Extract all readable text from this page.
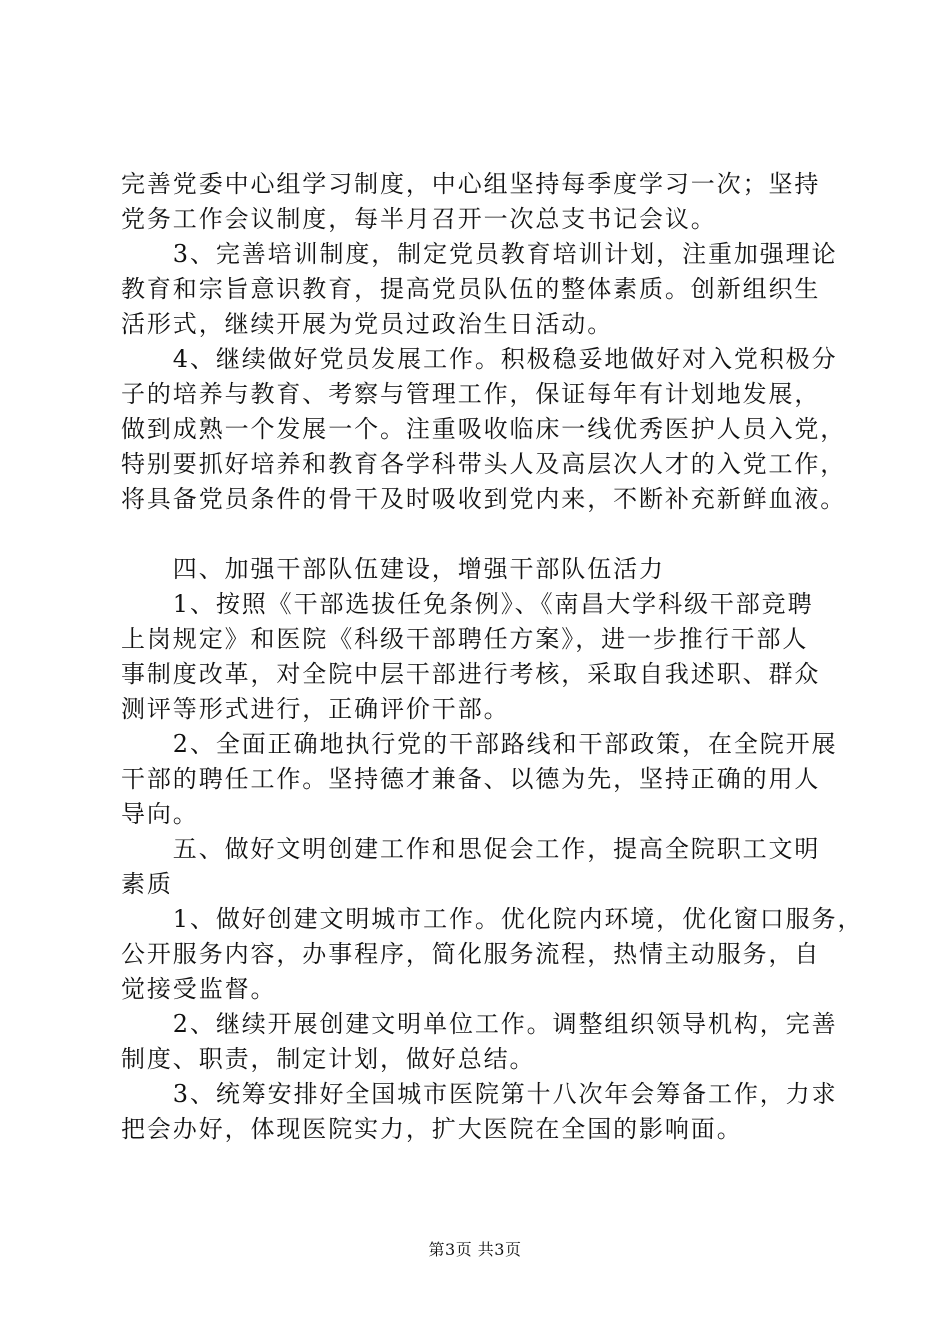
完善党委中心组学习制度，中心组坚持每季度学习一次；坚持
党务工作会议制度，每半月召开一次总支书记会议。
　　3、完善培训制度，制定党员教育培训计划，注重加强理论
教育和宗旨意识教育，提高党员队伍的整体素质。创新组织生
活形式，继续开展为党员过政治生日活动。
　　4、继续做好党员发展工作。积极稳妥地做好对入党积极分
子的培养与教育、考察与管理工作，保证每年有计划地发展，
做到成熟一个发展一个。注重吸收临床一线优秀医护人员入党，
特别要抓好培养和教育各学科带头人及高层次人才的入党工作，
将具备党员条件的骨干及时吸收到党内来，不断补充新鲜血液。
　　四、加强干部队伍建设，增强干部队伍活力
　　1、按照《干部选拔任免条例》、《南昌大学科级干部竞聘
上岗规定》和医院《科级干部聘任方案》，进一步推行干部人
事制度改革，对全院中层干部进行考核，采取自我述职、群众
测评等形式进行，正确评价干部。
　　2、全面正确地执行党的干部路线和干部政策，在全院开展
干部的聘任工作。坚持德才兼备、以德为先，坚持正确的用人
导向。
　　五、做好文明创建工作和思促会工作，提高全院职工文明
素质
　　1、做好创建文明城市工作。优化院内环境，优化窗口服务，
公开服务内容，办事程序，简化服务流程，热情主动服务，自
觉接受监督。
　　2、继续开展创建文明单位工作。调整组织领导机构，完善
制度、职责，制定计划，做好总结。
　　3、统筹安排好全国城市医院第十八次年会筹备工作，力求
把会办好，体现医院实力，扩大医院在全国的影响面。
第3页 共3页
